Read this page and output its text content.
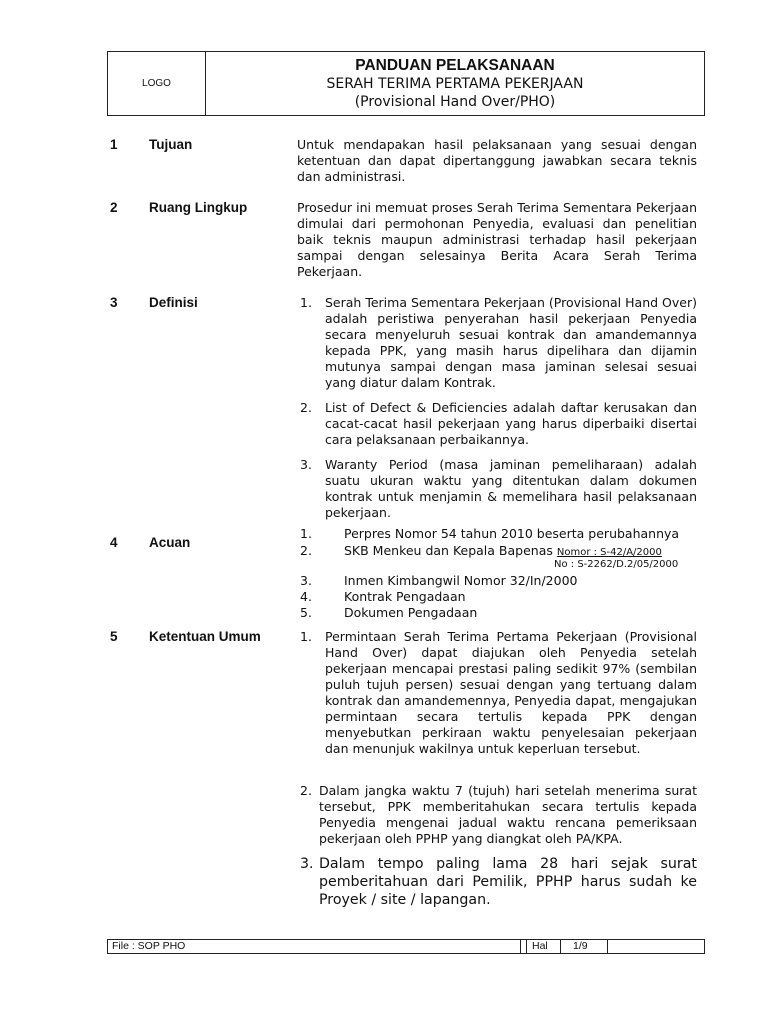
LOGO
PANDUAN PELAKSANAAN
SERAH TERIMA PERTAMA PEKERJAAN
(Provisional Hand Over/PHO)
1 Tujuan	Untuk mendapakan hasil pelaksanaan yang sesuai dengan ketentuan dan dapat dipertanggung jawabkan secara teknis dan administrasi.
2 Ruang Lingkup	Prosedur ini memuat proses Serah Terima Sementara Pekerjaan dimulai dari permohonan Penyedia, evaluasi dan penelitian baik teknis maupun administrasi terhadap hasil pekerjaan sampai dengan selesainya Berita Acara Serah Terima Pekerjaan.
3 Definisi	1. Serah Terima Sementara Pekerjaan (Provisional Hand Over) adalah peristiwa penyerahan hasil pekerjaan Penyedia secara menyeluruh sesuai kontrak dan amandemannya kepada PPK, yang masih harus dipelihara dan dijamin mutunya sampai dengan masa jaminan selesai sesuai yang diatur dalam Kontrak.
2. List of Defect & Deficiencies adalah daftar kerusakan dan cacat-cacat hasil pekerjaan yang harus diperbaiki disertai cara pelaksanaan perbaikannya.
3. Waranty Period (masa jaminan pemeliharaan) adalah suatu ukuran waktu yang ditentukan dalam dokumen kontrak untuk menjamin & memelihara hasil pelaksanaan pekerjaan.
4 Acuan
1.	Perpres Nomor 54 tahun 2010 beserta perubahannya
2.	SKB Menkeu dan Kepala Bapenas Nomor : S-42/A/2000
No : S-2262/D.2/05/2000
3.	Inmen Kimbangwil Nomor 32/In/2000
4.	Kontrak Pengadaan
5.	Dokumen Pengadaan
5 Ketentuan Umum	1. Permintaan Serah Terima Pertama Pekerjaan (Provisional Hand Over) dapat diajukan oleh Penyedia setelah pekerjaan mencapai prestasi paling sedikit 97% (sembilan puluh tujuh persen) sesuai dengan yang tertuang dalam kontrak dan amandemennya, Penyedia dapat, mengajukan permintaan secara tertulis kepada PPK dengan menyebutkan perkiraan waktu penyelesaian pekerjaan dan menunjuk wakilnya untuk keperluan tersebut.
2. Dalam jangka waktu 7 (tujuh) hari setelah menerima surat tersebut, PPK memberitahukan secara tertulis kepada Penyedia mengenai jadual waktu rencana pemeriksaan pekerjaan oleh PPHP yang diangkat oleh PA/KPA.
3. Dalam tempo paling lama 28 hari sejak surat pemberitahuan dari Pemilik, PPHP harus sudah ke Proyek / site / lapangan.
File : SOP PHO	Hal	1/9
